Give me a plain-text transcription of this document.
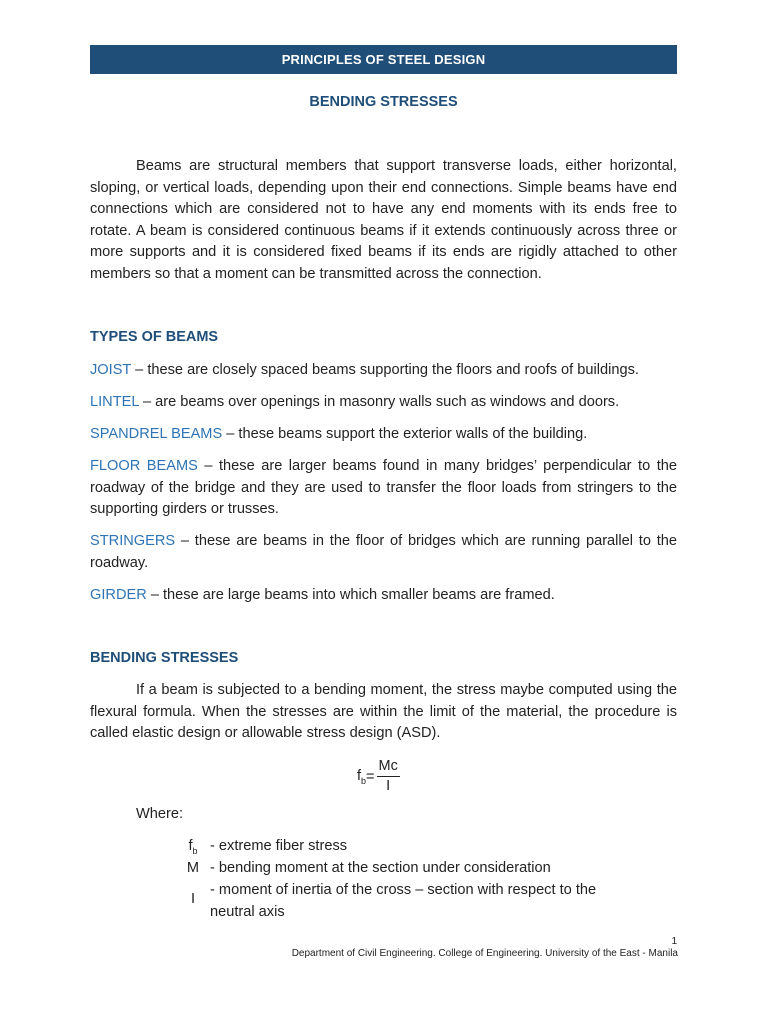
PRINCIPLES OF STEEL DESIGN
BENDING STRESSES

Beams are structural members that support transverse loads, either horizontal, sloping, or vertical loads, depending upon their end connections. Simple beams have end connections which are considered not to have any end moments with its ends free to rotate. A beam is considered continuous beams if it extends continuously across three or more supports and it is considered fixed beams if its ends are rigidly attached to other members so that a moment can be transmitted across the connection.

TYPES OF BEAMS

JOIST – these are closely spaced beams supporting the floors and roofs of buildings.

LINTEL – are beams over openings in masonry walls such as windows and doors.

SPANDREL BEAMS – these beams support the exterior walls of the building.

FLOOR BEAMS – these are larger beams found in many bridges’ perpendicular to the roadway of the bridge and they are used to transfer the floor loads from stringers to the supporting girders or trusses.

STRINGERS – these are beams in the floor of bridges which are running parallel to the roadway.

GIRDER – these are large beams into which smaller beams are framed.

BENDING STRESSES

If a beam is subjected to a bending moment, the stress maybe computed using the flexural formula. When the stresses are within the limit of the material, the procedure is called elastic design or allowable stress design (ASD).

$f_b = \frac{Mc}{I}$
Where:
$f_b$ - extreme fiber stress
M - bending moment at the section under consideration
I
- moment of inertia of the cross – section with respect to the neutral axis
1
Department of Civil Engineering. College of Engineering. University of the East - Manila
